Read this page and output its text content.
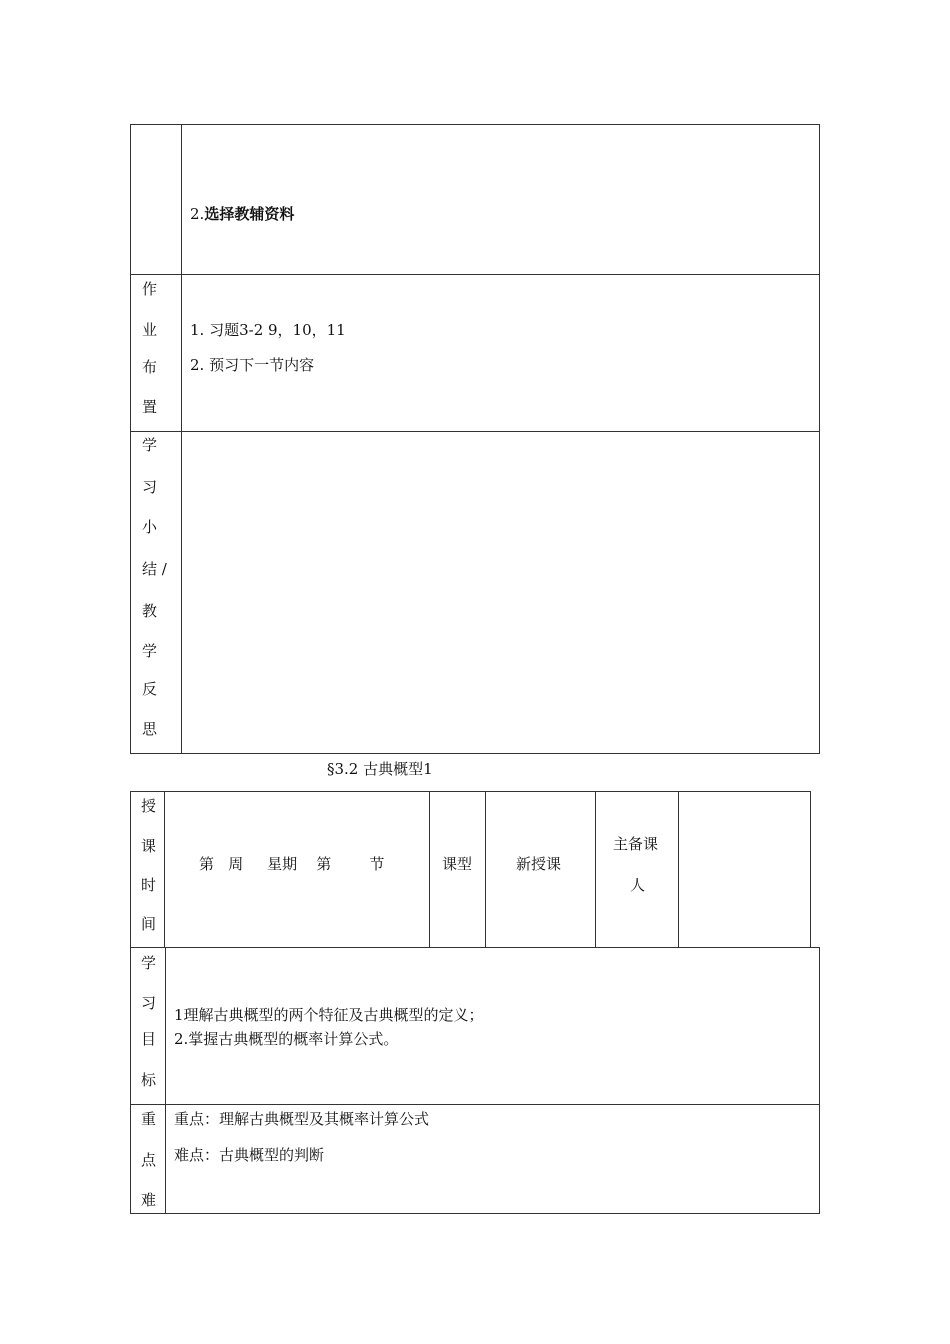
2.选择教辅资料
作
业
布
置
1. 习题3-2 9，10，11
2. 预习下一节内容
学
习
小
结 /
教
学
反
思
§3.2 古典概型1
授
课
时
间
第   周     星期    第        节	课型	新授课
主备课
人
学
习
目
标
1理解古典概型的两个特征及古典概型的定义；
2.掌握古典概型的概率计算公式。
重
点
难
重点：理解古典概型及其概率计算公式
难点：古典概型的判断
